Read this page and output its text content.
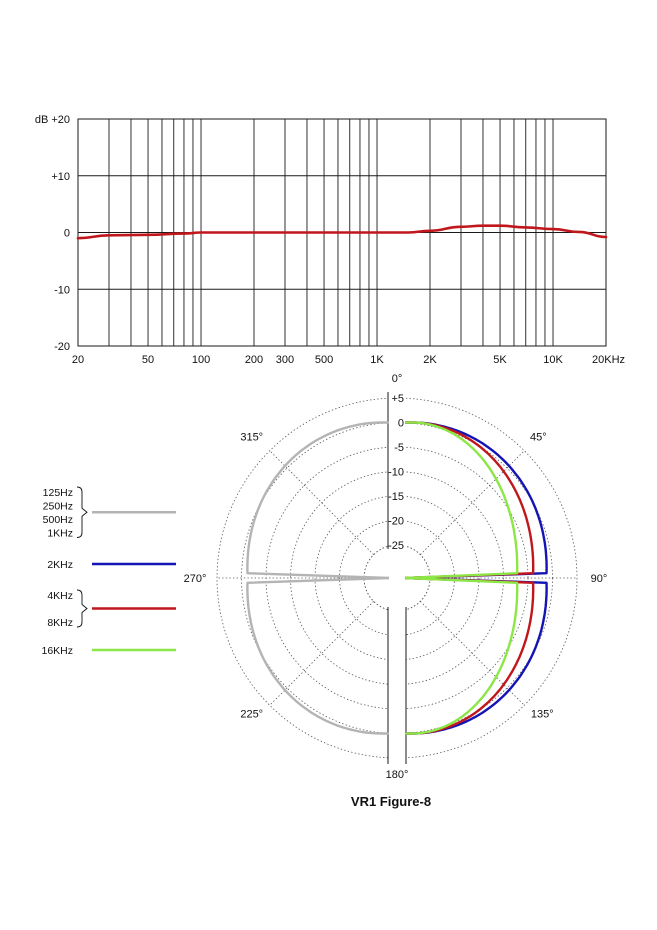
dB +20
+10
0
-10
-20
20	50	100	200 300 500	1K	2K	5K	10K	20KHz
+5
0
-5
-10
-15
-20
-25
0°
45°
90°
135°
180°
225°
270°
315°
125Hz
250Hz
500Hz
1KHz
2KHz
4KHz
8KHz
16KHz
VR1 Figure-8
